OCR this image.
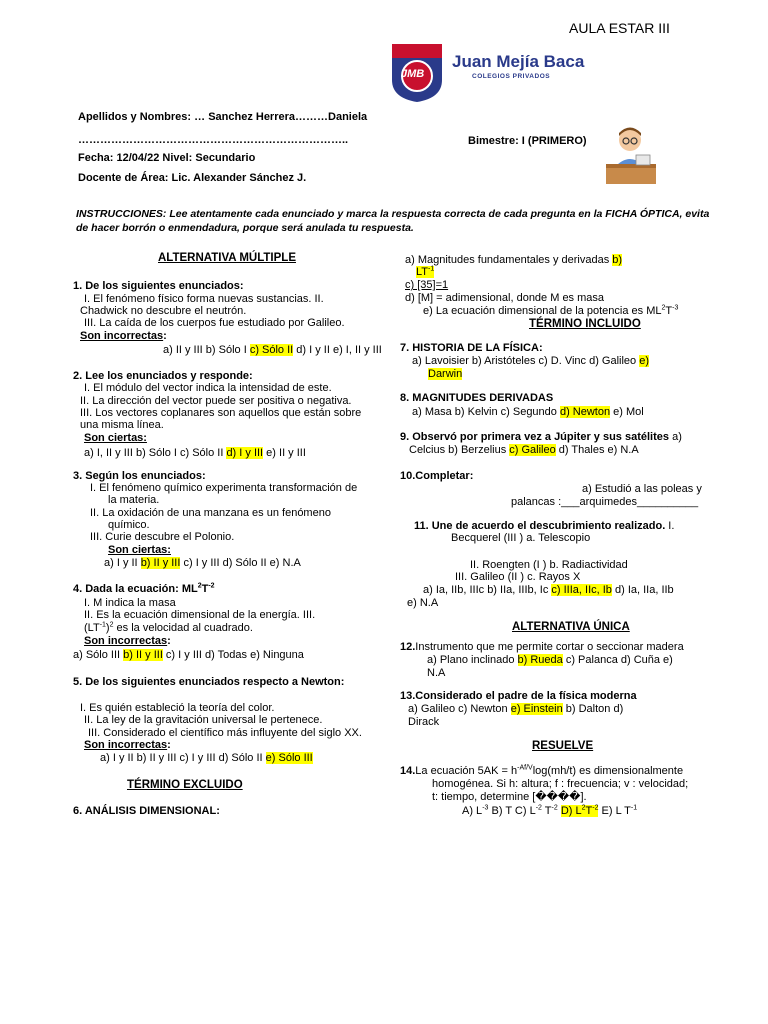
AULA ESTAR III
JMB
Juan Mejía Baca
COLEGIOS PRIVADOS
Apellidos y Nombres: … Sanchez Herrera………Daniela
………………………………………………………………..	Bimestre: I (PRIMERO)
Fecha: 12/04/22 Nivel: Secundario
Docente de Área: Lic. Alexander Sánchez J.
INSTRUCCIONES: Lee atentamente cada enunciado y marca la respuesta correcta de cada pregunta en la FICHA ÓPTICA, evita de hacer borrón o enmendadura, porque será anulada tu respuesta.
ALTERNATIVA MÚLTIPLE
1. De los siguientes enunciados:
I. El fenómeno físico forma nuevas sustancias. II.
Chadwick no descubre el neutrón.
III. La caída de los cuerpos fue estudiado por Galileo.
Son incorrectas:
a) II y III b) Sólo I c) Sólo II d) I y II e) I, II y III
2. Lee los enunciados y responde:
I. El módulo del vector indica la intensidad de este.
II. La dirección del vector puede ser positiva o negativa.
III. Los vectores coplanares son aquellos que están sobre
una misma línea.
Son ciertas:
a) I, II y III b) Sólo I c) Sólo II d) I y III e) II y III
3. Según los enunciados:
I. El fenómeno químico experimenta transformación de
la materia.
II. La oxidación de una manzana es un fenómeno
químico.
III. Curie descubre el Polonio.
Son ciertas:
a) I y II b) II y III c) I y III d) Sólo II e) N.A
4. Dada la ecuación: $ML^2T^{-2}$
I. M indica la masa
II. Es la ecuación dimensional de la energía. III.
$(LT^{-1})^2$ es la velocidad al cuadrado.
Son incorrectas:
a) Sólo III b) II y III c) I y III d) Todas e) Ninguna
5. De los siguientes enunciados respecto a Newton:
I. Es quién estableció la teoría del color.
II. La ley de la gravitación universal le pertenece.
III. Considerado el científico más influyente del siglo XX.
Son incorrectas:
a) I y II b) II y III c) I y III d) Sólo II e) Sólo III
TÉRMINO EXCLUIDO
6. ANÁLISIS DIMENSIONAL:
a) Magnitudes fundamentales y derivadas b)
$LT^{-1}$
c) [35]=1
d) [M] = adimensional, donde M es masa
e) La ecuación dimensional de la potencia es $ML^2T^{-3}$
TÉRMINO INCLUIDO
7. HISTORIA DE LA FÍSICA:
a) Lavoisier b) Aristóteles c) D. Vinc d) Galileo e)
Darwin
8. MAGNITUDES DERIVADAS
a) Masa b) Kelvin c) Segundo d) Newton e) Mol
9. Observó por primera vez a Júpiter y sus satélites a)
Celcius b) Berzelius c) Galileo d) Thales e) N.A
10.Completar:
a) Estudió a las poleas y
palancas :___arquimedes__________
11. Une de acuerdo el descubrimiento realizado. I.
Becquerel (III ) a. Telescopio
II. Roengten (I ) b. Radiactividad
III. Galileo (II ) c. Rayos X
a) Ia, IIb, IIIc b) IIa, IIIb, Ic c) IIIa, IIc, Ib d) Ia, IIa, IIb
e) N.A
ALTERNATIVA ÚNICA
12.Instrumento que me permite cortar o seccionar madera
a) Plano inclinado b) Rueda c) Palanca d) Cuña e)
N.A
13.Considerado el padre de la física moderna
a) Galileo c) Newton e) Einstein b) Dalton d)
Dirack
RESUELVE
14.La ecuación $5AK = h^{-Af/V}\log(mh/t)$ es dimensionalmente
homogénea. Si h: altura; f : frecuencia; v : velocidad;
t: tiempo, determine [����].
A) $L^{-3}$ B) T C) $L^{-2}$ $T^{-2}$ D) $L^2T^{-2}$ E) L $T^{-1}$
